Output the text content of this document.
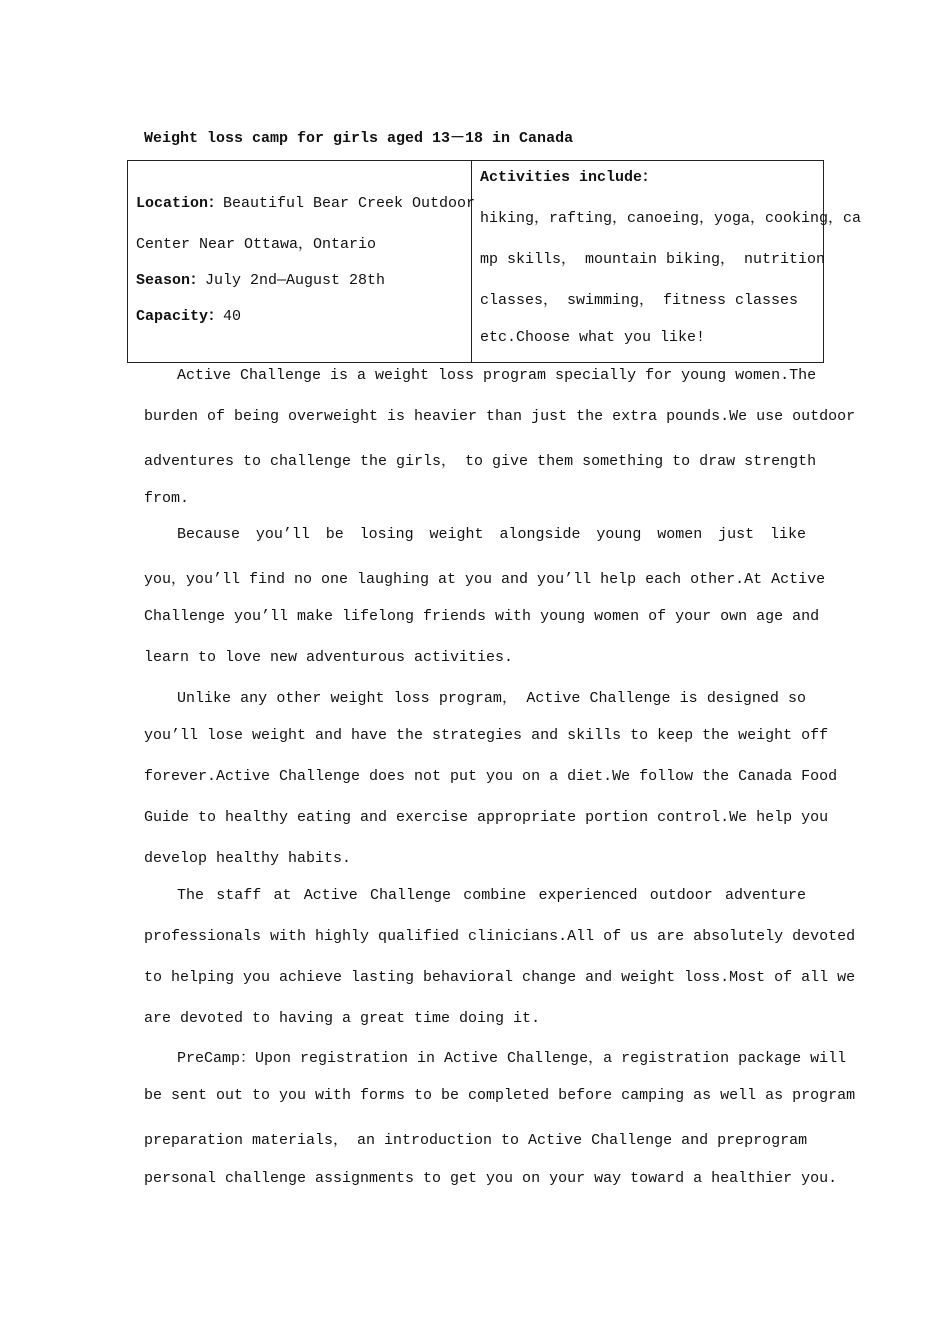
Weight loss camp for girls aged 13－18 in Canada
Location：Beautiful Bear Creek Outdoor
Center Near Ottawa，Ontario
Season：July 2nd—August 28th
Capacity：40
Activities include：
hiking，rafting，canoeing，yoga，cooking，ca
mp skills， mountain biking， nutrition
classes， swimming， fitness classes
etc.Choose what you like!
Active Challenge is a weight loss program specially for young women.The
burden of being overweight is heavier than just the extra pounds.We use outdoor
adventures to challenge the girls， to give them something to draw strength
from.
Because you’ll be losing weight alongside young women just like
you，you’ll find no one laughing at you and you’ll help each other.At Active
Challenge you’ll make lifelong friends with young women of your own age and
learn to love new adventurous activities.
Unlike any other weight loss program， Active Challenge is designed so
you’ll lose weight and have the strategies and skills to keep the weight off
forever.Active Challenge does not put you on a diet.We follow the Canada Food
Guide to healthy eating and exercise appropriate portion control.We help you
develop healthy habits.
The staff at Active Challenge combine experienced outdoor adventure
professionals with highly qualified clinicians.All of us are absolutely devoted
to helping you achieve lasting behavioral change and weight loss.Most of all we
are devoted to having a great time doing it.
PreCamp：Upon registration in Active Challenge，a registration package will
be sent out to you with forms to be completed before camping as well as program
preparation materials， an introduction to Active Challenge and preprogram
personal challenge assignments to get you on your way toward a healthier you.
